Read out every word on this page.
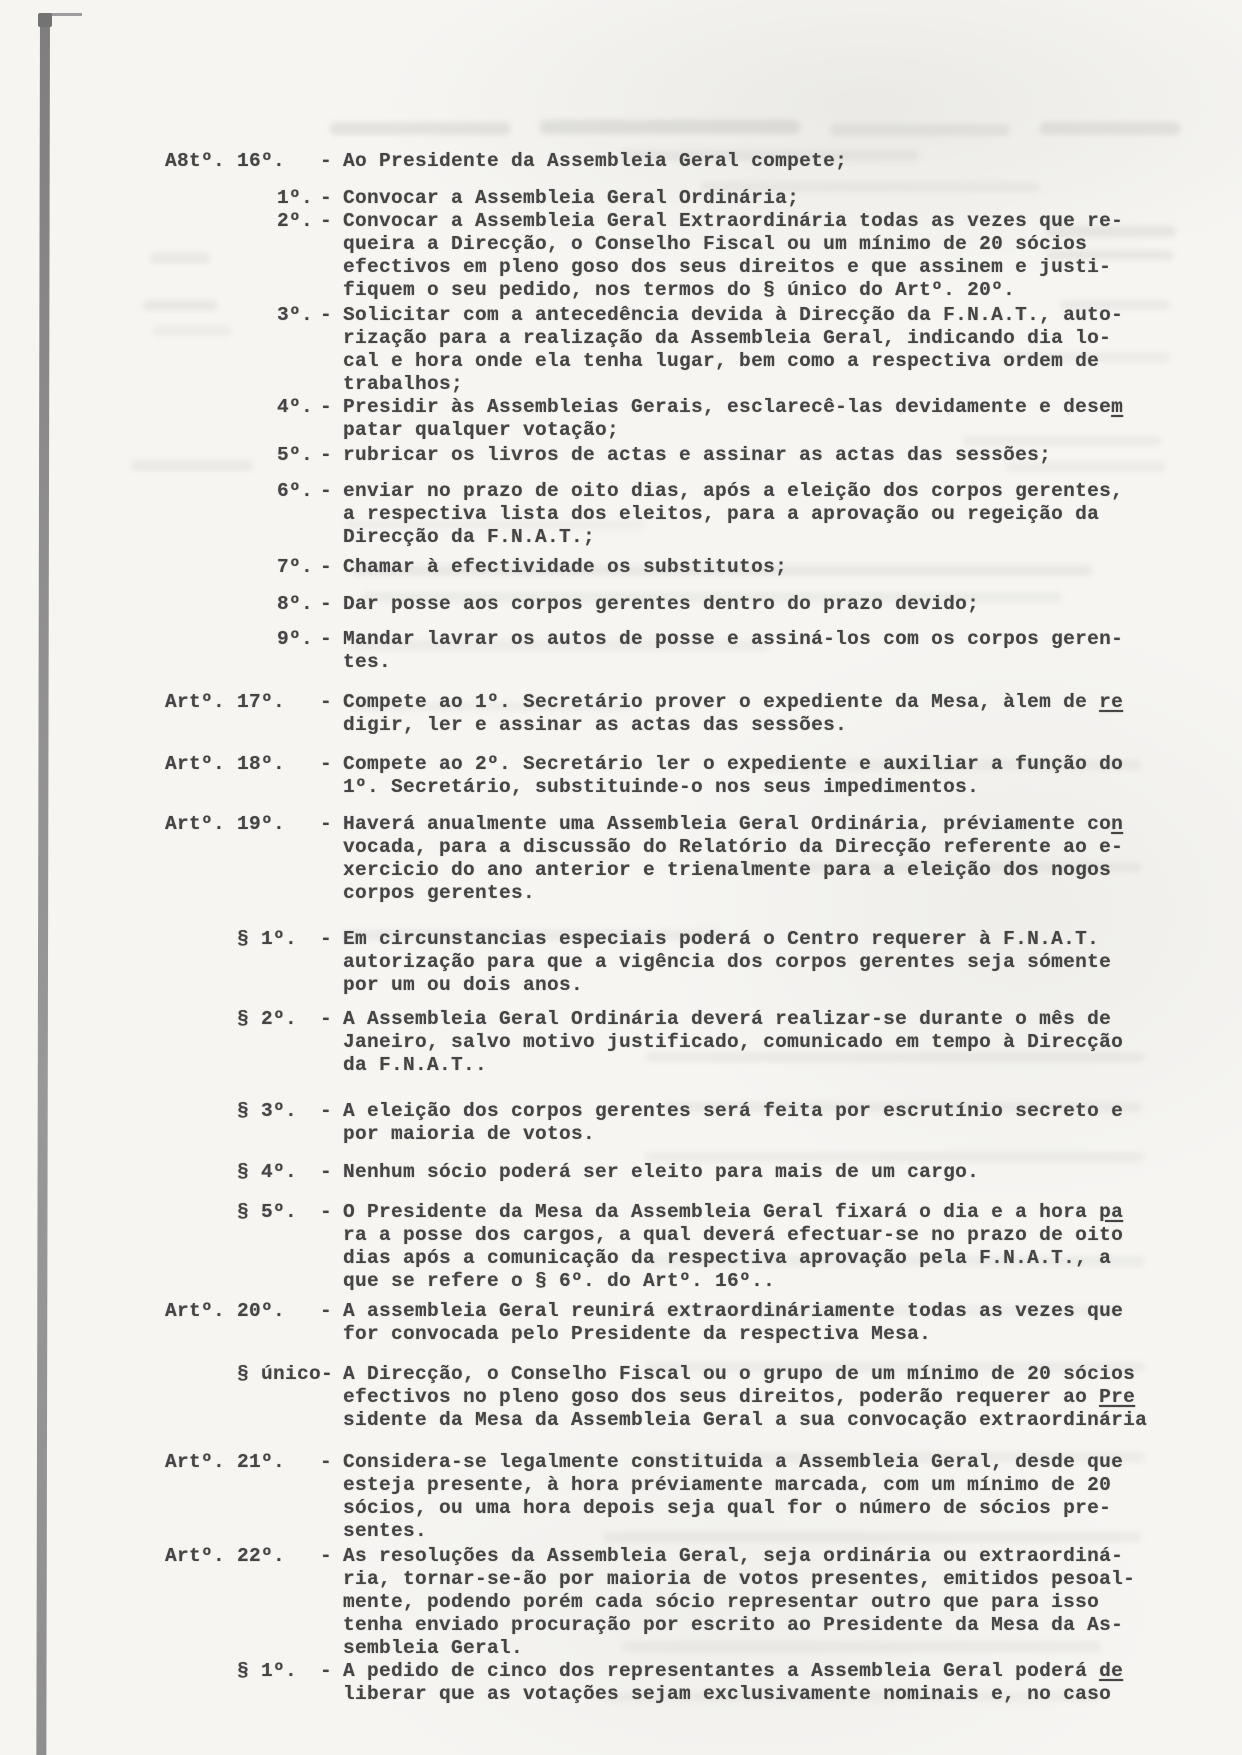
A8tº. 16º. - Ao Presidente da Assembleia Geral compete;
1º. - Convocar a Assembleia Geral Ordinária;
2º. - Convocar a Assembleia Geral Extraordinária todas as vezes que re-
queira a Direcção, o Conselho Fiscal ou um mínimo de 20 sócios
efectivos em pleno goso dos seus direitos e que assinem e justi-
fiquem o seu pedido, nos termos do § único do Artº. 20º.
3º. - Solicitar com a antecedência devida à Direcção da F.N.A.T., auto-
rização para a realização da Assembleia Geral, indicando dia lo-
cal e hora onde ela tenha lugar, bem como a respectiva ordem de
trabalhos;
4º. - Presidir às Assembleias Gerais, esclarecê-las devidamente e desem
patar qualquer votação;
5º. - rubricar os livros de actas e assinar as actas das sessões;
6º. - enviar no prazo de oito dias, após a eleição dos corpos gerentes,
a respectiva lista dos eleitos, para a aprovação ou regeição da
Direcção da F.N.A.T.;
7º. - Chamar à efectividade os substitutos;
8º. - Dar posse aos corpos gerentes dentro do prazo devido;
9º. - Mandar lavrar os autos de posse e assiná-los com os corpos geren-
tes.
Artº. 17º. - Compete ao 1º. Secretário prover o expediente da Mesa, àlem de re
digir, ler e assinar as actas das sessões.
Artº. 18º. - Compete ao 2º. Secretário ler o expediente e auxiliar a função do
1º. Secretário, substituinde-o nos seus impedimentos.
Artº. 19º. - Haverá anualmente uma Assembleia Geral Ordinária, préviamente con
vocada, para a discussão do Relatório da Direcção referente ao e-
xercicio do ano anterior e trienalmente para a eleição dos nogos
corpos gerentes.
§ 1º. - Em circunstancias especiais poderá o Centro requerer à F.N.A.T.
autorização para que a vigência dos corpos gerentes seja sómente
por um ou dois anos.
§ 2º. - A Assembleia Geral Ordinária deverá realizar-se durante o mês de
Janeiro, salvo motivo justificado, comunicado em tempo à Direcção
da F.N.A.T..
§ 3º. - A eleição dos corpos gerentes será feita por escrutínio secreto e
por maioria de votos.
§ 4º. - Nenhum sócio poderá ser eleito para mais de um cargo.
§ 5º. - O Presidente da Mesa da Assembleia Geral fixará o dia e a hora pa
ra a posse dos cargos, a qual deverá efectuar-se no prazo de oito
dias após a comunicação da respectiva aprovação pela F.N.A.T., a
que se refere o § 6º. do Artº. 16º..
Artº. 20º. - A assembleia Geral reunirá extraordináriamente todas as vezes que
for convocada pelo Presidente da respectiva Mesa.
§ único- A Direcção, o Conselho Fiscal ou o grupo de um mínimo de 20 sócios
efectivos no pleno goso dos seus direitos, poderão requerer ao Pre
sidente da Mesa da Assembleia Geral a sua convocação extraordinária
Artº. 21º. - Considera-se legalmente constituida a Assembleia Geral, desde que
esteja presente, à hora préviamente marcada, com um mínimo de 20
sócios, ou uma hora depois seja qual for o número de sócios pre-
sentes.
Artº. 22º. - As resoluções da Assembleia Geral, seja ordinária ou extraordiná-
ria, tornar-se-ão por maioria de votos presentes, emitidos pesoal-
mente, podendo porém cada sócio representar outro que para isso
tenha enviado procuração por escrito ao Presidente da Mesa da As-
sembleia Geral.
§ 1º. - A pedido de cinco dos representantes a Assembleia Geral poderá de
liberar que as votações sejam exclusivamente nominais e, no caso
